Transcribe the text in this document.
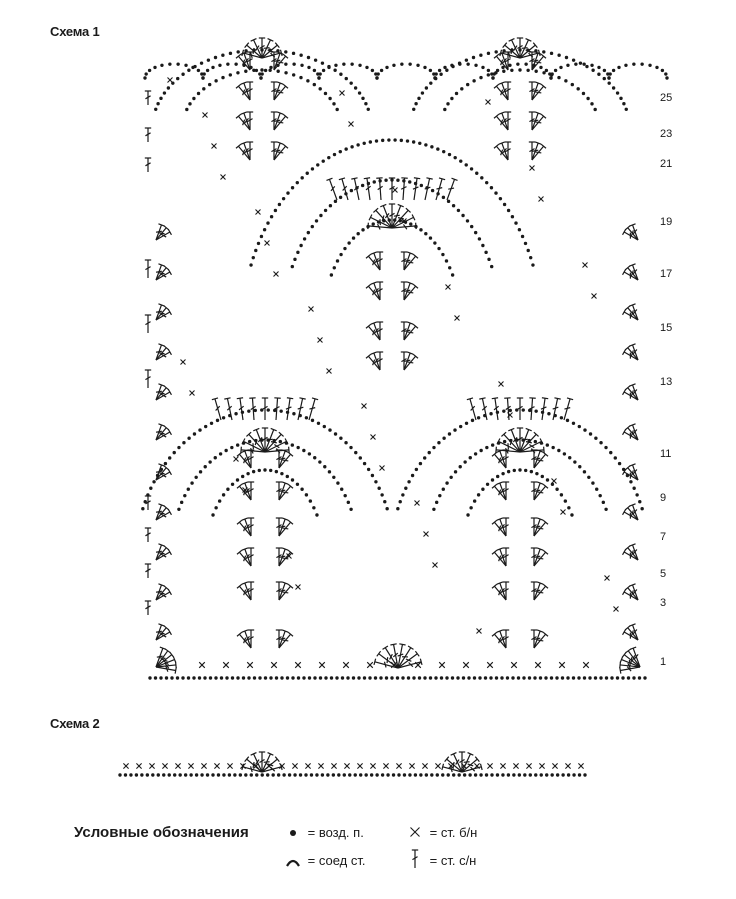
Схема 1
Схема 2
25
23
21
19
17
15
13
11
9
7
5
3
1
Условные обозначения	= возд. п.	= ст. б/н
= соед ст.	= ст. с/н
